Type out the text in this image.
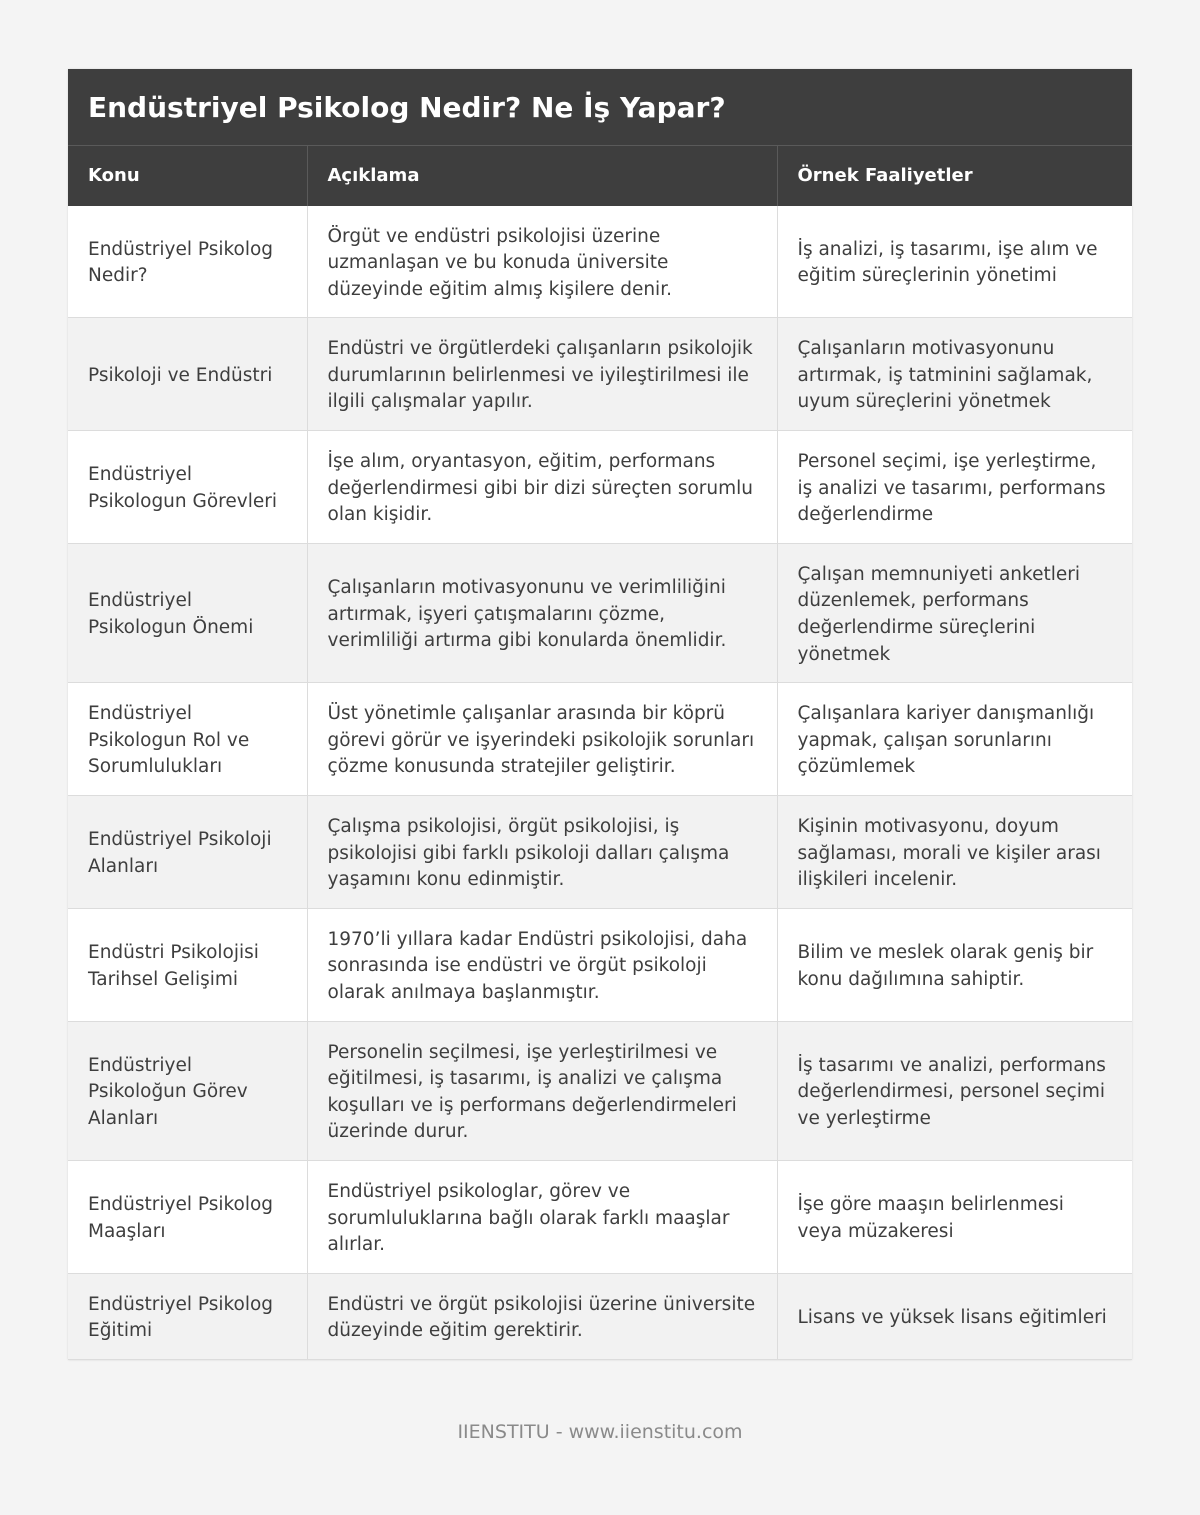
Endüstriyel Psikolog Nedir? Ne İş Yapar?
Konu	Açıklama	Örnek Faaliyetler
Endüstriyel Psikolog Nedir?	Örgüt ve endüstri psikolojisi üzerine uzmanlaşan ve bu konuda üniversite düzeyinde eğitim almış kişilere denir.	İş analizi, iş tasarımı, işe alım ve eğitim süreçlerinin yönetimi
Psikoloji ve Endüstri	Endüstri ve örgütlerdeki çalışanların psikolojik durumlarının belirlenmesi ve iyileştirilmesi ile ilgili çalışmalar yapılır.	Çalışanların motivasyonunu artırmak, iş tatminini sağlamak, uyum süreçlerini yönetmek
Endüstriyel Psikologun Görevleri	İşe alım, oryantasyon, eğitim, performans değerlendirmesi gibi bir dizi süreçten sorumlu olan kişidir.	Personel seçimi, işe yerleştirme, iş analizi ve tasarımı, performans değerlendirme
Endüstriyel Psikologun Önemi	Çalışanların motivasyonunu ve verimliliğini artırmak, işyeri çatışmalarını çözme, verimliliği artırma gibi konularda önemlidir.	Çalışan memnuniyeti anketleri düzenlemek, performans değerlendirme süreçlerini yönetmek
Endüstriyel Psikologun Rol ve Sorumlulukları	Üst yönetimle çalışanlar arasında bir köprü görevi görür ve işyerindeki psikolojik sorunları çözme konusunda stratejiler geliştirir.	Çalışanlara kariyer danışmanlığı yapmak, çalışan sorunlarını çözümlemek
Endüstriyel Psikoloji Alanları	Çalışma psikolojisi, örgüt psikolojisi, iş psikolojisi gibi farklı psikoloji dalları çalışma yaşamını konu edinmiştir.	Kişinin motivasyonu, doyum sağlaması, morali ve kişiler arası ilişkileri incelenir.
Endüstri Psikolojisi Tarihsel Gelişimi	1970’li yıllara kadar Endüstri psikolojisi, daha sonrasında ise endüstri ve örgüt psikoloji olarak anılmaya başlanmıştır.	Bilim ve meslek olarak geniş bir konu dağılımına sahiptir.
Endüstriyel Psikoloğun Görev Alanları	Personelin seçilmesi, işe yerleştirilmesi ve eğitilmesi, iş tasarımı, iş analizi ve çalışma koşulları ve iş performans değerlendirmeleri üzerinde durur.	İş tasarımı ve analizi, performans değerlendirmesi, personel seçimi ve yerleştirme
Endüstriyel Psikolog Maaşları	Endüstriyel psikologlar, görev ve sorumluluklarına bağlı olarak farklı maaşlar alırlar.	İşe göre maaşın belirlenmesi veya müzakeresi
Endüstriyel Psikolog Eğitimi	Endüstri ve örgüt psikolojisi üzerine üniversite düzeyinde eğitim gerektirir.	Lisans ve yüksek lisans eğitimleri
IIENSTITU - www.iienstitu.com
